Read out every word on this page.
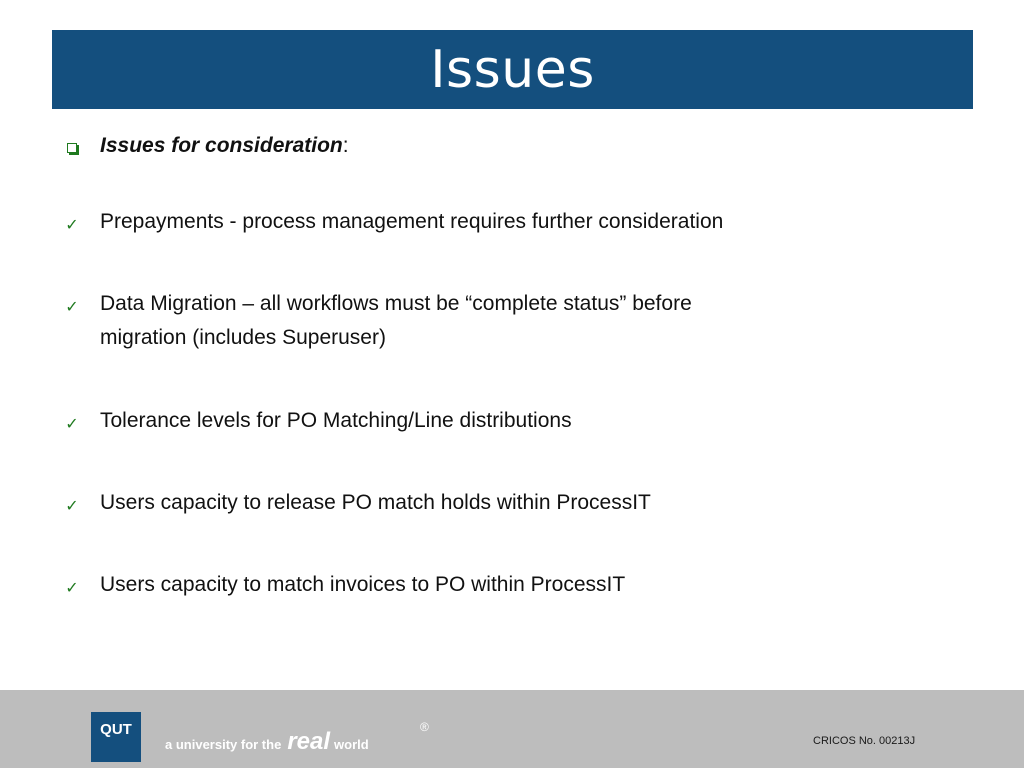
Issues
Issues for consideration:
✓ Prepayments - process management requires further consideration
✓ Data Migration – all workflows must be “complete status” before
migration (includes Superuser)
✓ Tolerance levels for PO Matching/Line distributions
✓ Users capacity to release PO match holds within ProcessIT
✓ Users capacity to match invoices to PO within ProcessIT
QUT
a university for the real world
®
CRICOS No. 00213J
